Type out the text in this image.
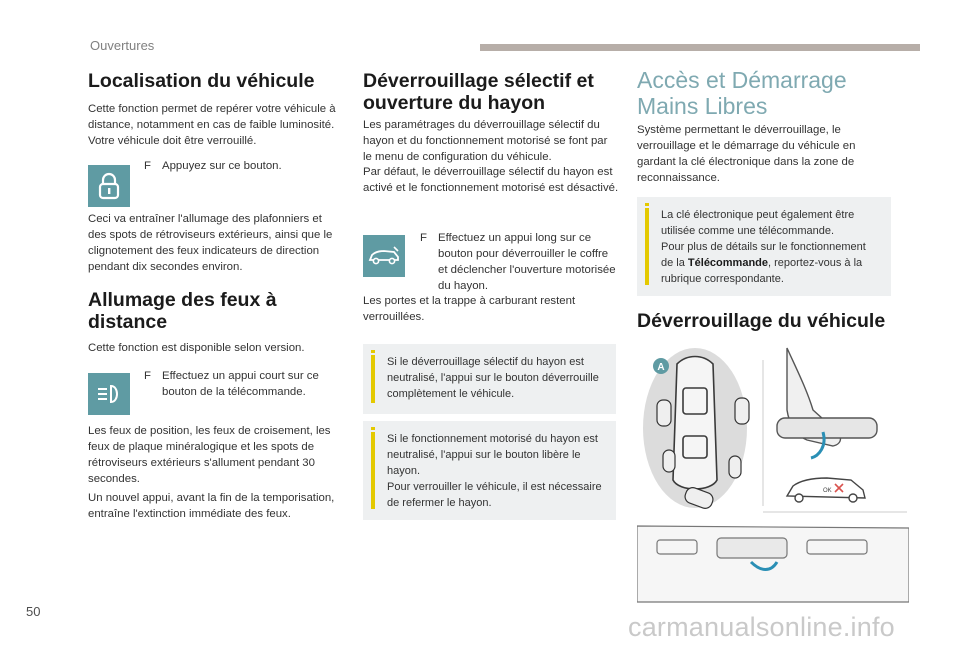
Ouvertures
Localisation du véhicule

Cette fonction permet de repérer votre véhicule à distance, notamment en cas de faible luminosité. Votre véhicule doit être verrouillé.

F Appuyez sur ce bouton.

Ceci va entraîner l'allumage des plafonniers et des spots de rétroviseurs extérieurs, ainsi que le clignotement des feux indicateurs de direction pendant dix secondes environ.

Allumage des feux à
distance

Cette fonction est disponible selon version.

F Effectuez un appui court sur ce bouton de la télécommande.

Les feux de position, les feux de croisement, les feux de plaque minéralogique et les spots de rétroviseurs extérieurs s'allument pendant 30 secondes.

Un nouvel appui, avant la fin de la temporisation, entraîne l'extinction immédiate des feux.

Déverrouillage sélectif et
ouverture du hayon

Les paramétrages du déverrouillage sélectif du hayon et du fonctionnement motorisé se font par le menu de configuration du véhicule.

Par défaut, le déverrouillage sélectif du hayon est activé et le fonctionnement motorisé est désactivé.

F Effectuez un appui long sur ce bouton pour déverrouiller le coffre et déclencher l'ouverture motorisée du hayon.

Les portes et la trappe à carburant restent verrouillées.

Si le déverrouillage sélectif du hayon est neutralisé, l'appui sur le bouton déverrouille complètement le véhicule.
Si le fonctionnement motorisé du hayon est neutralisé, l'appui sur le bouton libère le hayon.
Pour verrouiller le véhicule, il est nécessaire de refermer le hayon.
Accès et Démarrage
Mains Libres

Système permettant le déverrouillage, le verrouillage et le démarrage du véhicule en gardant la clé électronique dans la zone de reconnaissance.

La clé électronique peut également être utilisée comme une télécommande.
Pour plus de détails sur le fonctionnement de la Télécommande, reportez-vous à la rubrique correspondante.
Déverrouillage du véhicule
A
OK
50
carmanualsonline.info
